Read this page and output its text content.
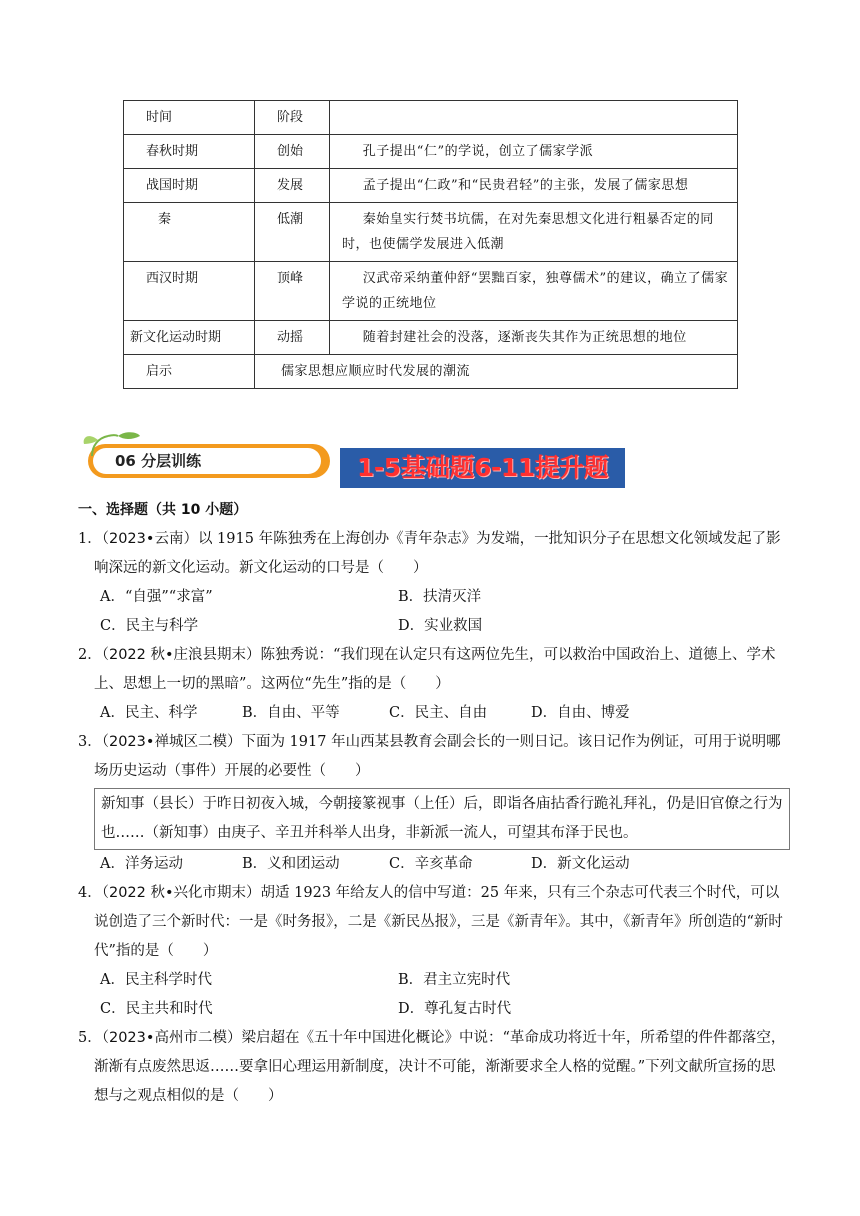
时间	阶段	
春秋时期	创始	孔子提出“仁”的学说，创立了儒家学派
战国时期	发展	孟子提出“仁政”和“民贵君轻”的主张，发展了儒家思想
秦	低潮	秦始皇实行焚书坑儒，在对先秦思想文化进行粗暴否定的同时，也使儒学发展进入低潮
西汉时期	顶峰	汉武帝采纳董仲舒“罢黜百家，独尊儒术”的建议，确立了儒家学说的正统地位
新文化运动时期	动摇	随着封建社会的没落，逐渐丧失其作为正统思想的地位
启示	儒家思想应顺应时代发展的潮流	
06 分层训练	1-5基础题6-11提升题
一、选择题（共 10 小题）
1．（2023•云南）以 1915 年陈独秀在上海创办《青年杂志》为发端，一批知识分子在思想文化领域发起了影响深远的新文化运动。新文化运动的口号是（　　）
A．“自强”“求富”	B．扶清灭洋
C．民主与科学	D．实业救国
2．（2022 秋•庄浪县期末）陈独秀说：“我们现在认定只有这两位先生，可以救治中国政治上、道德上、学术上、思想上一切的黑暗”。这两位“先生”指的是（　　）
A．民主、科学	B．自由、平等	C．民主、自由	D．自由、博爱
3．（2023•禅城区二模）下面为 1917 年山西某县教育会副会长的一则日记。该日记作为例证，可用于说明哪场历史运动（事件）开展的必要性（　　）
新知事（县长）于昨日初夜入城，今朝接篆视事（上任）后，即诣各庙拈香行跪礼拜礼，仍是旧官僚之行为也……（新知事）由庚子、辛丑并科举人出身，非新派一流人，可望其布泽于民也。
A．洋务运动	B．义和团运动	C．辛亥革命	D．新文化运动
4．（2022 秋•兴化市期末）胡适 1923 年给友人的信中写道：25 年来，只有三个杂志可代表三个时代，可以说创造了三个新时代：一是《时务报》，二是《新民丛报》，三是《新青年》。其中，《新青年》所创造的“新时代”指的是（　　）
A．民主科学时代	B．君主立宪时代
C．民主共和时代	D．尊孔复古时代
5．（2023•高州市二模）梁启超在《五十年中国进化概论》中说：“革命成功将近十年，所希望的件件都落空，渐渐有点废然思返……要拿旧心理运用新制度，决计不可能，渐渐要求全人格的觉醒。”下列文献所宣扬的思想与之观点相似的是（　　）
